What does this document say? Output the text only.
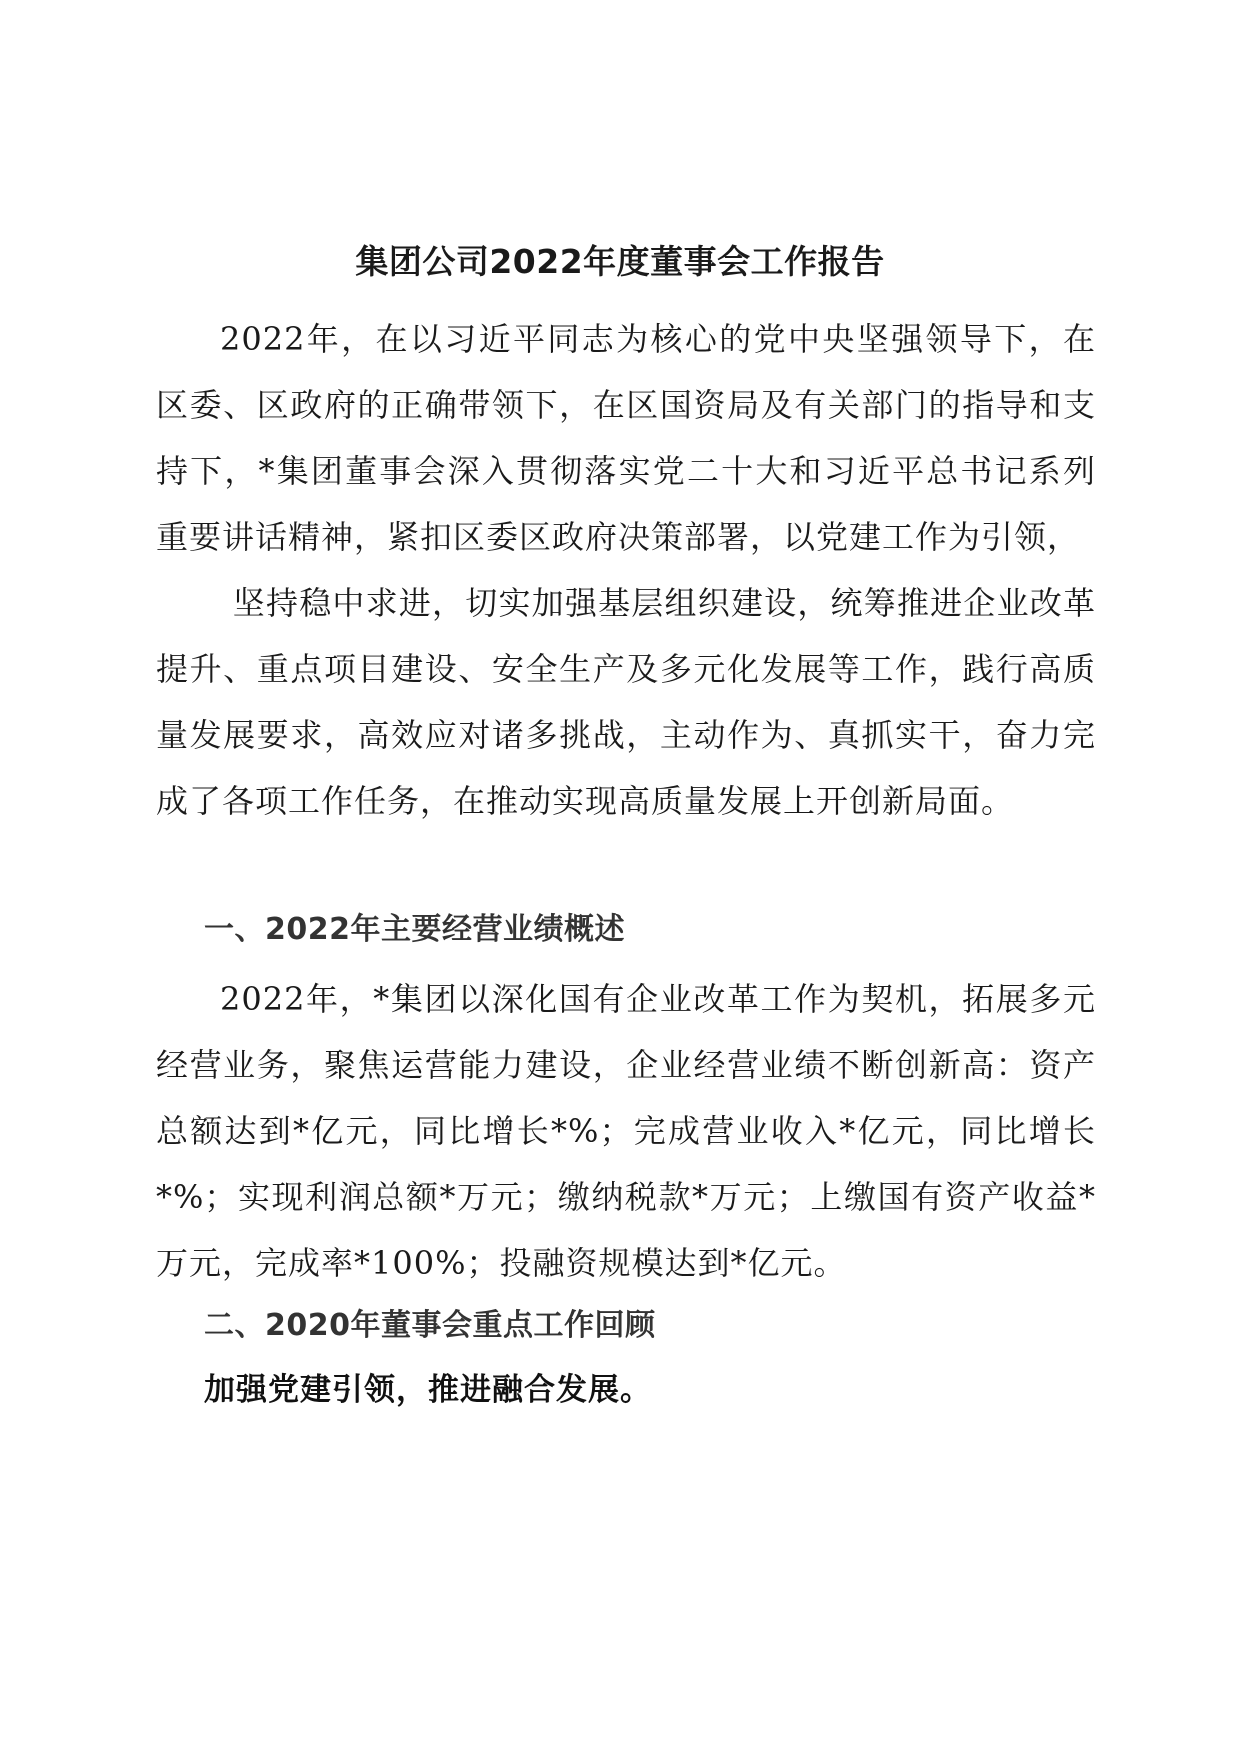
集团公司2022年度董事会工作报告

2022年，在以习近平同志为核心的党中央坚强领导下，在区委、区政府的正确带领下，在区国资局及有关部门的指导和支持下，*集团董事会深入贯彻落实党二十大和习近平总书记系列重要讲话精神，紧扣区委区政府决策部署，以党建工作为引领，

坚持稳中求进，切实加强基层组织建设，统筹推进企业改革提升、重点项目建设、安全生产及多元化发展等工作，践行高质量发展要求，高效应对诸多挑战，主动作为、真抓实干，奋力完成了各项工作任务，在推动实现高质量发展上开创新局面。

一、2022年主要经营业绩概述

2022年，*集团以深化国有企业改革工作为契机，拓展多元经营业务，聚焦运营能力建设，企业经营业绩不断创新高：资产总额达到*亿元，同比增长*%；完成营业收入*亿元，同比增长*%；实现利润总额*万元；缴纳税款*万元；上缴国有资产收益*万元，完成率*100%；投融资规模达到*亿元。

二、2020年董事会重点工作回顾
加强党建引领，推进融合发展。
